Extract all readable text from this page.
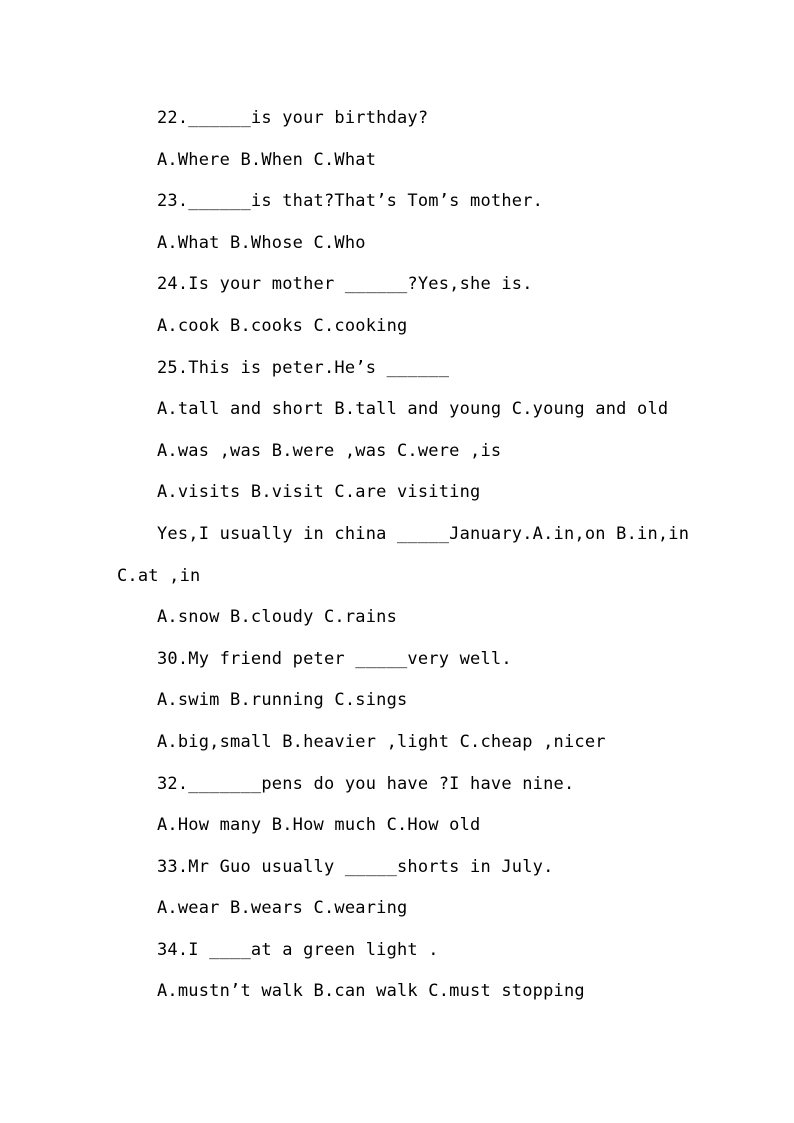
22.______is your birthday?
A.Where B.When C.What
23.______is that?That’s Tom’s mother.
A.What B.Whose C.Who
24.Is your mother ______?Yes,she is.
A.cook B.cooks C.cooking
25.This is peter.He’s ______
A.tall and short B.tall and young C.young and old
A.was ,was B.were ,was C.were ,is
A.visits B.visit C.are visiting
Yes,I usually in china _____January.A.in,on B.in,in
C.at ,in
A.snow B.cloudy C.rains
30.My friend peter _____very well.
A.swim B.running C.sings
A.big,small B.heavier ,light C.cheap ,nicer
32._______pens do you have ?I have nine.
A.How many B.How much C.How old
33.Mr Guo usually _____shorts in July.
A.wear B.wears C.wearing
34.I ____at a green light .
A.mustn’t walk B.can walk C.must stopping
